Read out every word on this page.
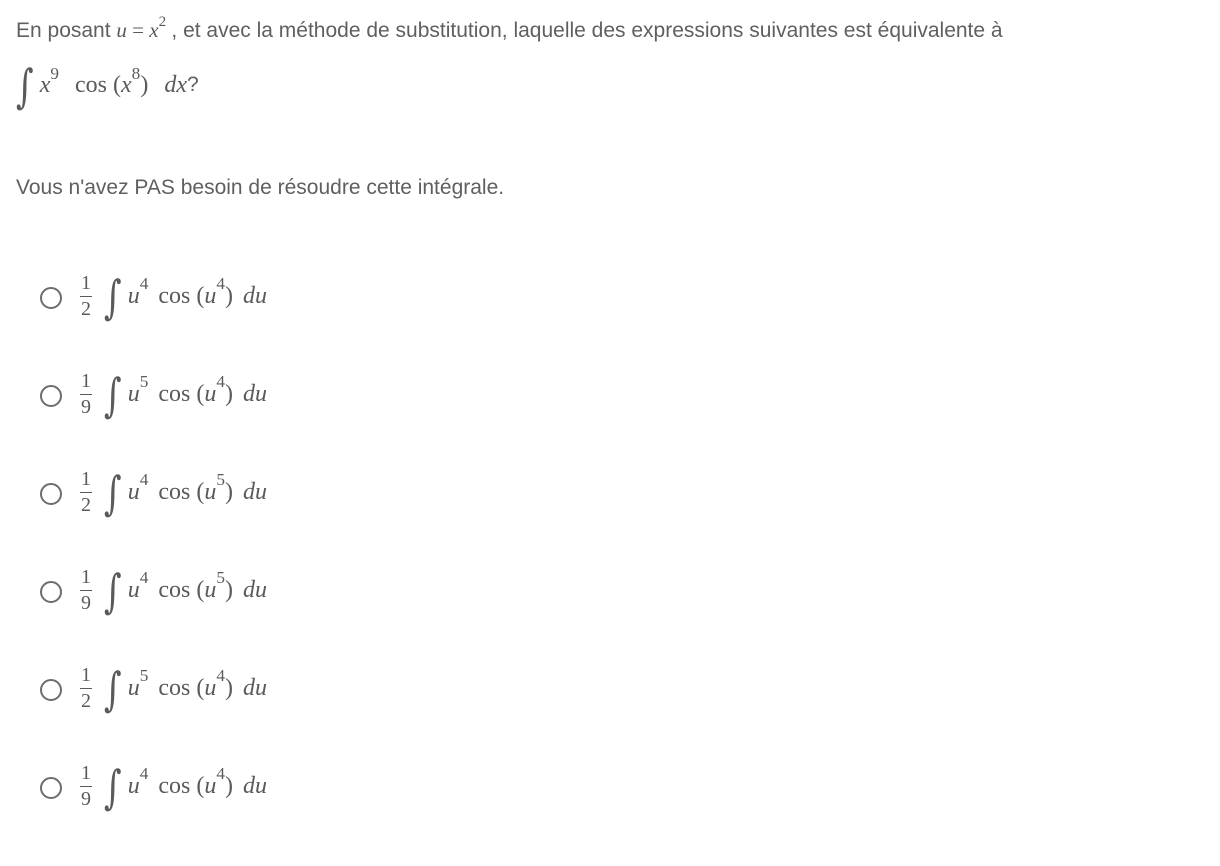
En posant $u = x^2$ , et avec la méthode de substitution, laquelle des expressions suivantes est équivalente à
∫ $x^9$ $\cos (x^8)$ dx ?
Vous n'avez PAS besoin de résoudre cette intégrale.
$\frac{1}{2}$ ∫ u 4 cos
( u 4 ) du
$\frac{1}{9}$ ∫ u 5 cos
( u 4 ) du
$\frac{1}{2}$ ∫ u 4 cos
( u 5 ) du
$\frac{1}{9}$ ∫ u 4 cos
( u 5 ) du
$\frac{1}{2}$ ∫ u 5 cos
( u 4 ) du
$\frac{1}{9}$ ∫ u 4 cos
( u 4 ) du
